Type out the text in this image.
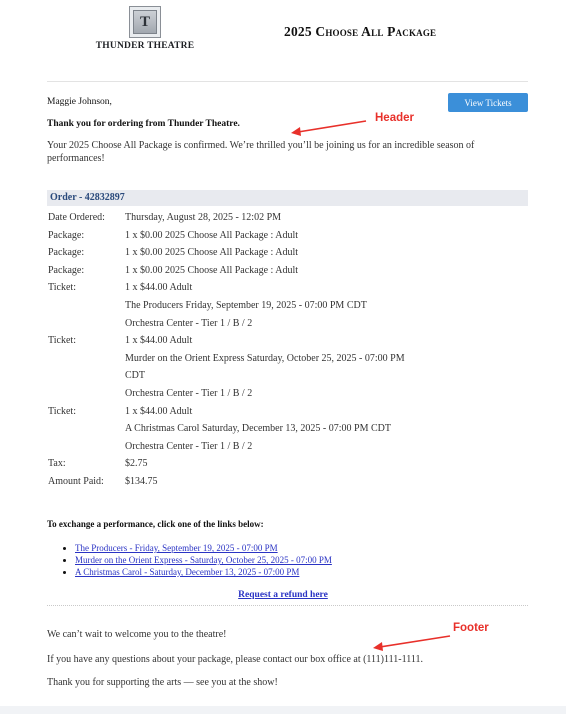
T
THUNDER THEATRE
2025 Choose All Package
Maggie Johnson,	View Tickets
Thank you for ordering from Thunder Theatre.
Your 2025 Choose All Package is confirmed. We’re thrilled you’ll be joining us for an incredible season of performances!
Header
Order - 42832897
Date Ordered:	Thursday, August 28, 2025 - 12:02 PM
Package:	1 x $0.00 2025 Choose All Package : Adult
Package:	1 x $0.00 2025 Choose All Package : Adult
Package:	1 x $0.00 2025 Choose All Package : Adult
Ticket:	1 x $44.00 Adult
The Producers Friday, September 19, 2025 - 07:00 PM CDT
Orchestra Center - Tier 1 / B / 2
Ticket:	1 x $44.00 Adult
Murder on the Orient Express Saturday, October 25, 2025 - 07:00 PM CDT
Orchestra Center - Tier 1 / B / 2
Ticket:	1 x $44.00 Adult
A Christmas Carol Saturday, December 13, 2025 - 07:00 PM CDT
Orchestra Center - Tier 1 / B / 2
Tax:	$2.75
Amount Paid:	$134.75
To exchange a performance, click one of the links below:
• The Producers - Friday, September 19, 2025 - 07:00 PM
• Murder on the Orient Express - Saturday, October 25, 2025 - 07:00 PM
• A Christmas Carol - Saturday, December 13, 2025 - 07:00 PM
Request a refund here
Footer
We can’t wait to welcome you to the theatre!
If you have any questions about your package, please contact our box office at (111)111-1111.
Thank you for supporting the arts — see you at the show!
